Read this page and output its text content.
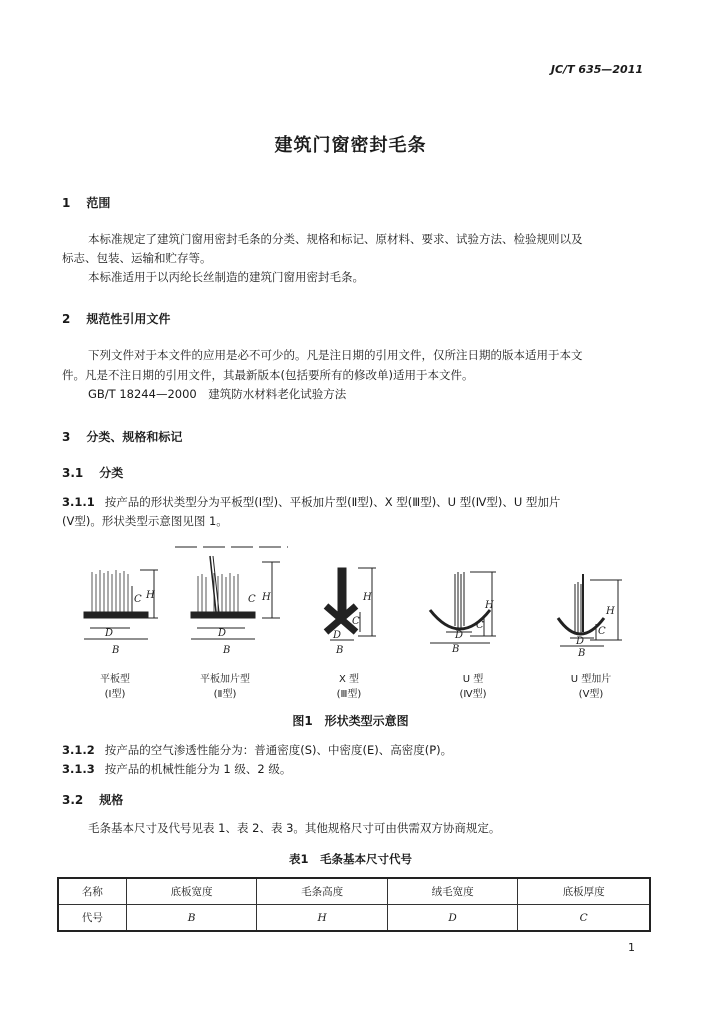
JC/T 635—2011
建筑门窗密封毛条
1 范围
本标准规定了建筑门窗用密封毛条的分类、规格和标记、原材料、要求、试验方法、检验规则以及
标志、包装、运输和贮存等。
本标准适用于以丙纶长丝制造的建筑门窗用密封毛条。
2 规范性引用文件
下列文件对于本文件的应用是必不可少的。凡是注日期的引用文件，仅所注日期的版本适用于本文
件。凡是不注日期的引用文件，其最新版本(包括要所有的修改单)适用于本文件。
GB/T 18244—2000　建筑防水材料老化试验方法
3 分类、规格和标记
3.1 分类
3.1.1 按产品的形状类型分为平板型(Ⅰ型)、平板加片型(Ⅱ型)、X 型(Ⅲ型)、U 型(Ⅳ型)、U 型加片
(Ⅴ型)。形状类型示意图见图 1。
H
C
D
B
H
C
D
B
H
C
D
B
H
C
D
B
H
C
D
B
平板型
(Ⅰ型)
平板加片型
(Ⅱ型)
X 型
(Ⅲ型)
U 型
(Ⅳ型)
U 型加片
(Ⅴ型)
图1　形状类型示意图
3.1.2 按产品的空气渗透性能分为：普通密度(S)、中密度(E)、高密度(P)。
3.1.3 按产品的机械性能分为 1 级、2 级。
3.2 规格
毛条基本尺寸及代号见表 1、表 2、表 3。其他规格尺寸可由供需双方协商规定。
表1　毛条基本尺寸代号
名称	底板宽度	毛条高度	绒毛宽度	底板厚度
代号	B	H	D	C
1
